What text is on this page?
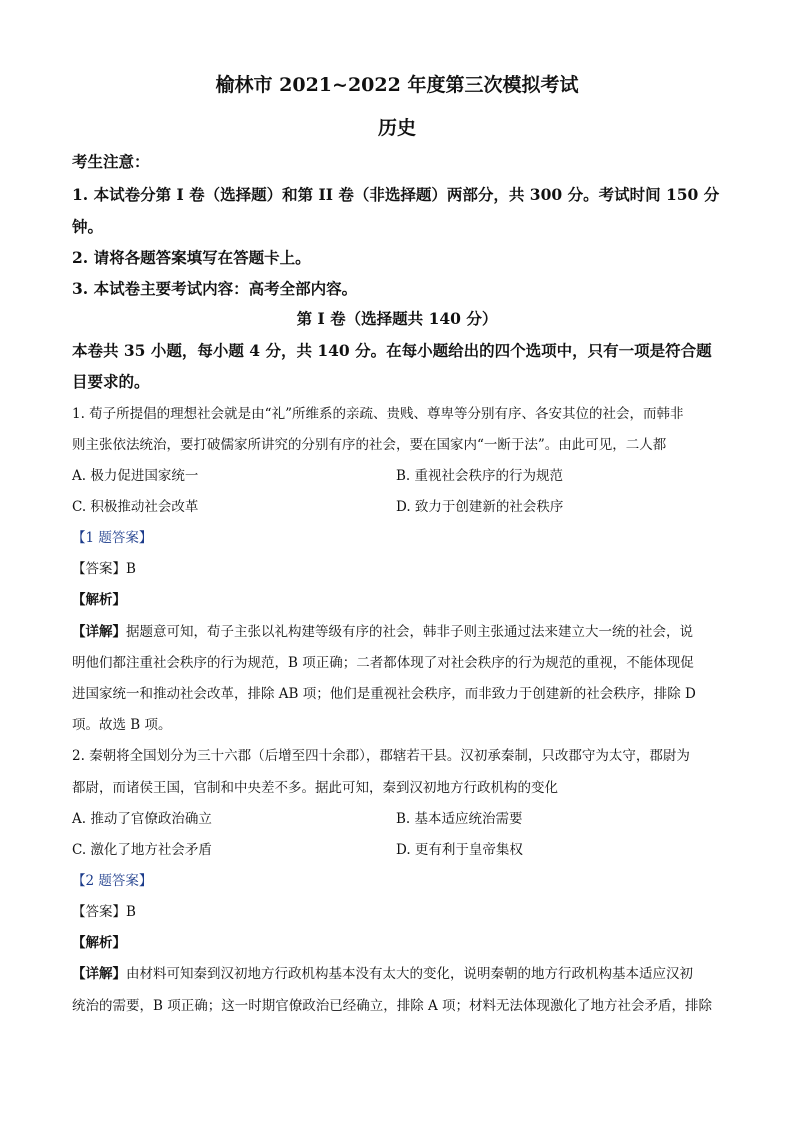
榆林市 2021~2022 年度第三次模拟考试
历史
考生注意：
1. 本试卷分第 I 卷（选择题）和第 II 卷（非选择题）两部分，共 300 分。考试时间 150 分
钟。
2. 请将各题答案填写在答题卡上。
3. 本试卷主要考试内容：高考全部内容。
第 I 卷（选择题共 140 分）
本卷共 35 小题，每小题 4 分，共 140 分。在每小题给出的四个选项中，只有一项是符合题
目要求的。
1. 荀子所提倡的理想社会就是由“礼”所维系的亲疏、贵贱、尊卑等分别有序、各安其位的社会，而韩非
则主张依法统治，要打破儒家所讲究的分别有序的社会，要在国家内“一断于法”。由此可见，二人都
A. 极力促进国家统一	B. 重视社会秩序的行为规范
C. 积极推动社会改革	D. 致力于创建新的社会秩序
【1 题答案】
【答案】B
【解析】
【详解】据题意可知，荀子主张以礼构建等级有序的社会，韩非子则主张通过法来建立大一统的社会，说
明他们都注重社会秩序的行为规范，B 项正确；二者都体现了对社会秩序的行为规范的重视，不能体现促
进国家统一和推动社会改革，排除 AB 项；他们是重视社会秩序，而非致力于创建新的社会秩序，排除 D
项。故选 B 项。
2. 秦朝将全国划分为三十六郡（后增至四十余郡），郡辖若干县。汉初承秦制，只改郡守为太守，郡尉为
都尉，而诸侯王国，官制和中央差不多。据此可知，秦到汉初地方行政机构的变化
A. 推动了官僚政治确立	B. 基本适应统治需要
C. 激化了地方社会矛盾	D. 更有利于皇帝集权
【2 题答案】
【答案】B
【解析】
【详解】由材料可知秦到汉初地方行政机构基本没有太大的变化，说明秦朝的地方行政机构基本适应汉初
统治的需要，B 项正确；这一时期官僚政治已经确立，排除 A 项；材料无法体现激化了地方社会矛盾，排除
